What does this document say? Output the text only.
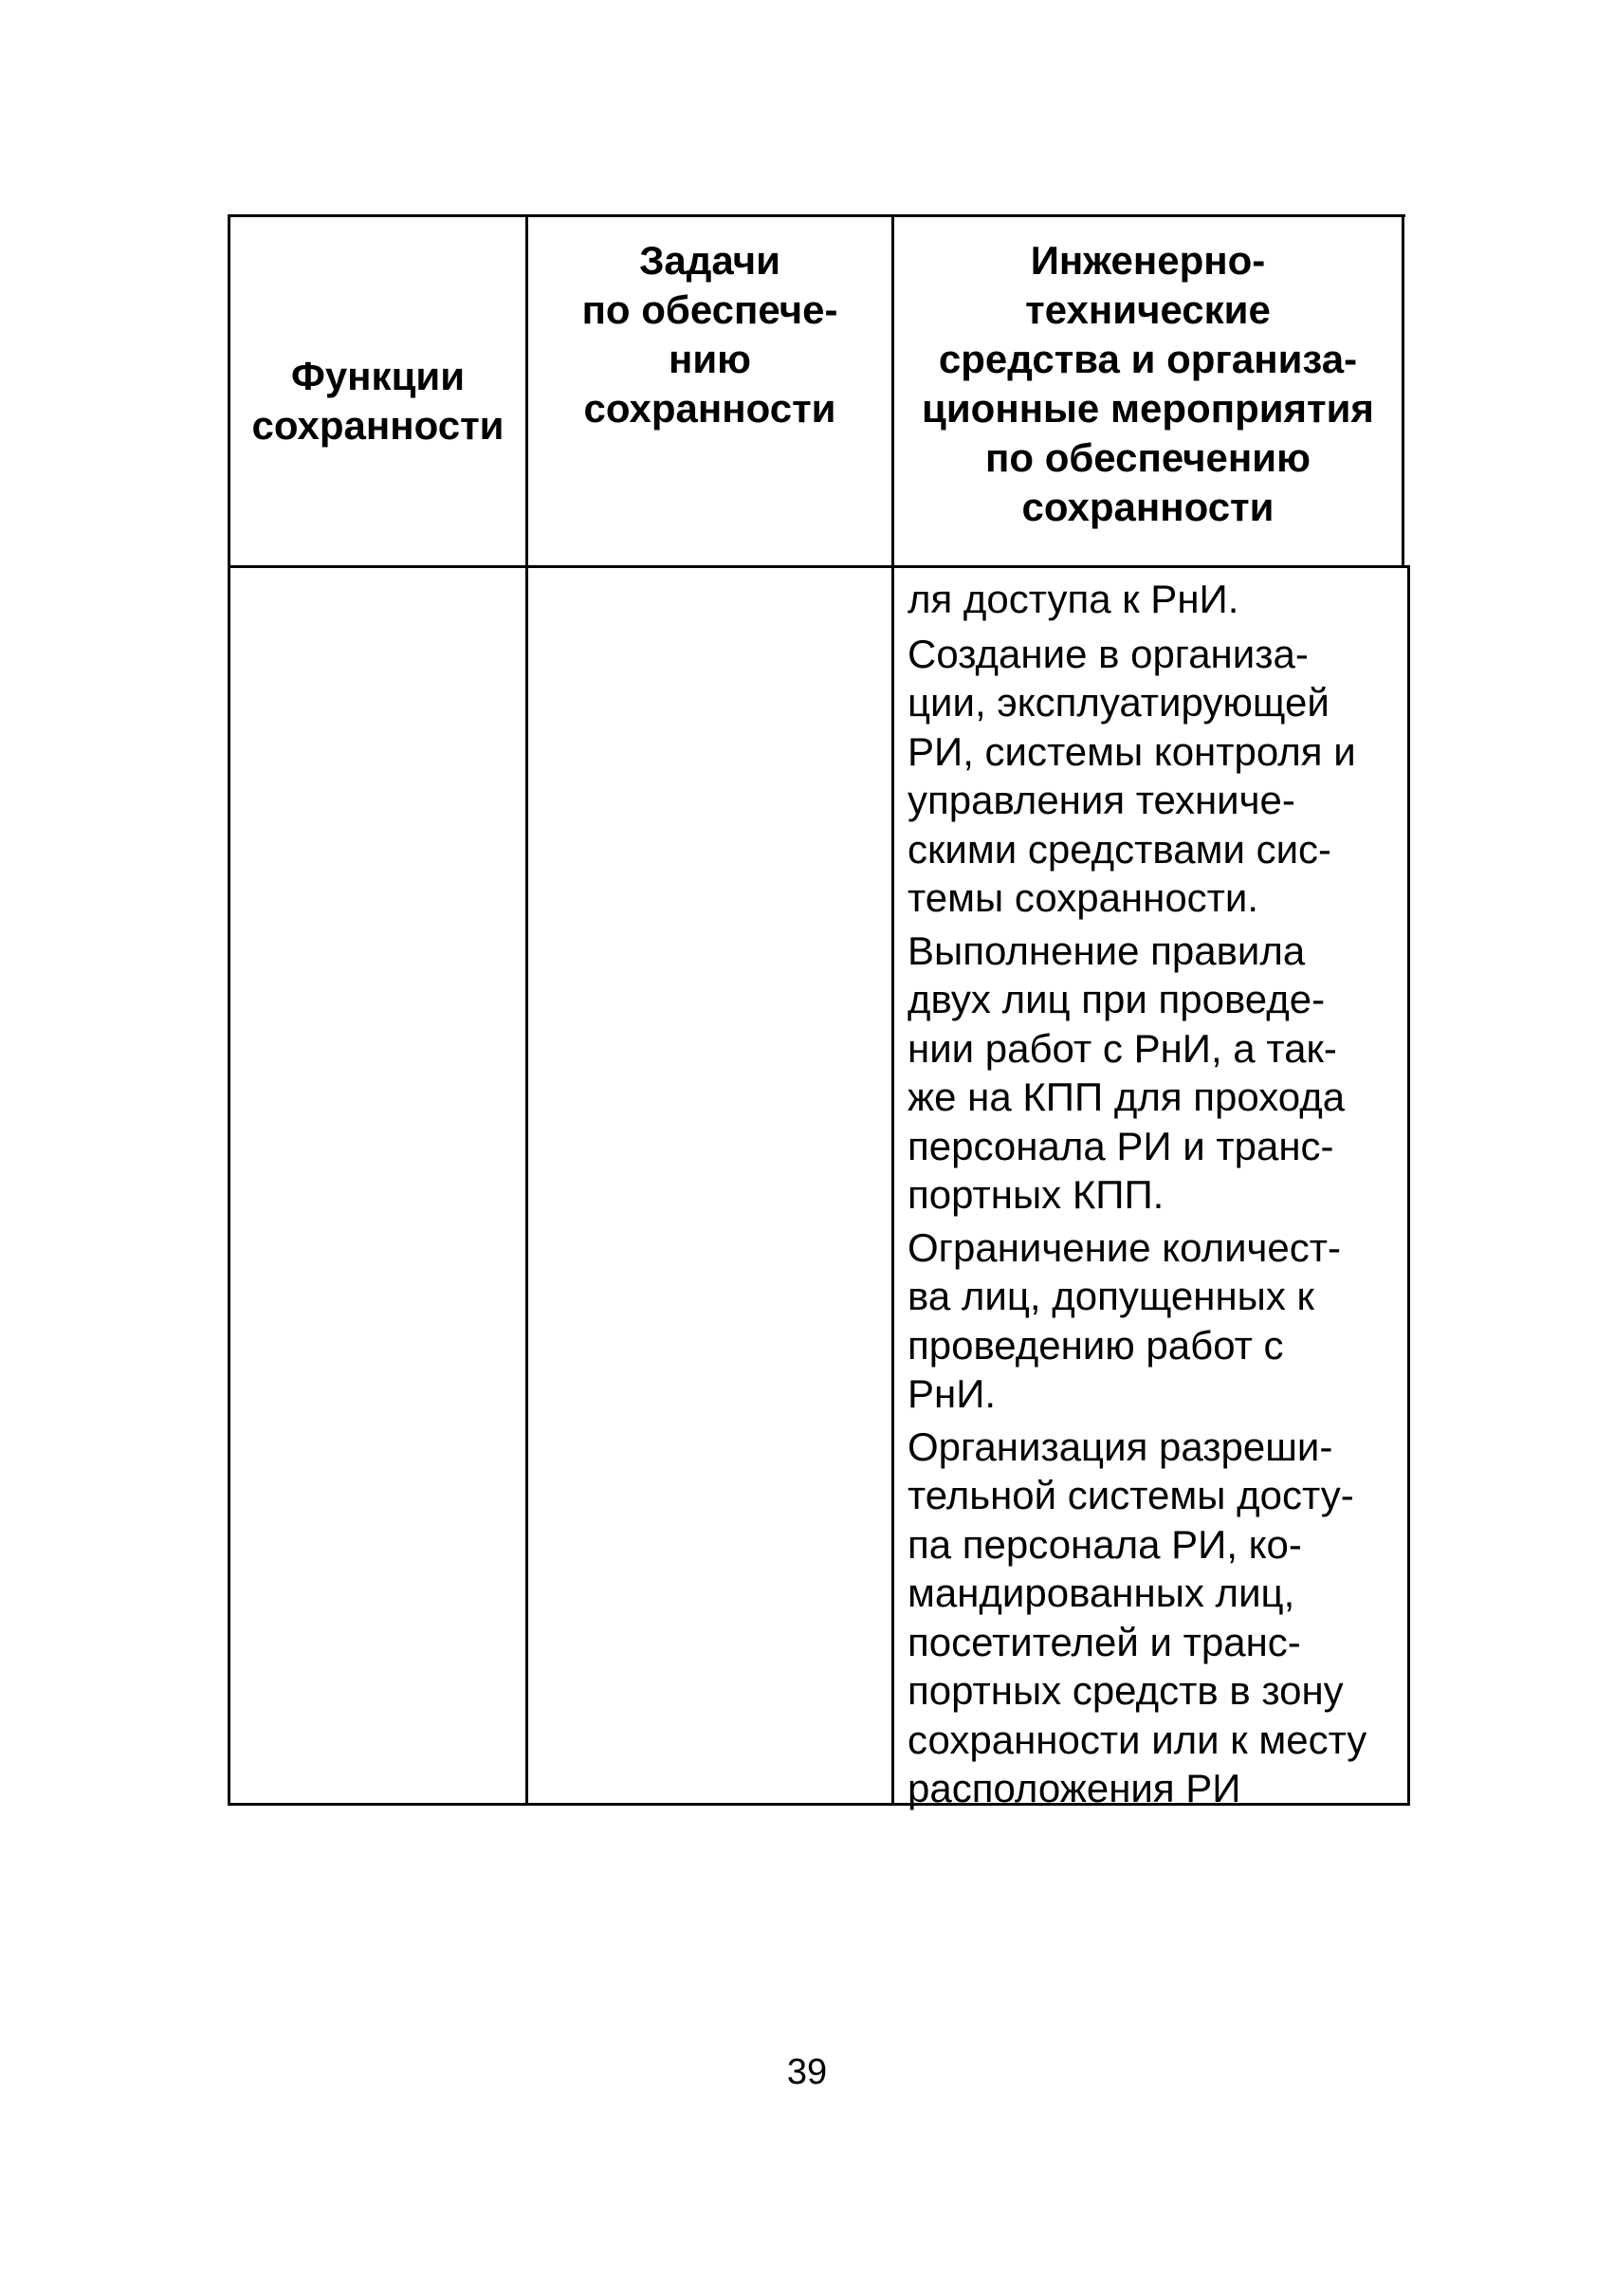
Функции
сохранности
Задачи
по обеспече-
нию
сохранности
Инженерно-
технические
средства и организа-
ционные мероприятия
по обеспечению
сохранности

ля доступа к РнИ.

Создание в организа-
ции, эксплуатирующей
РИ, системы контроля и
управления техниче-
скими средствами сис-
темы сохранности.

Выполнение правила
двух лиц при проведе-
нии работ с РнИ, а так-
же на КПП для прохода
персонала РИ и транс-
портных КПП.

Ограничение количест-
ва лиц, допущенных к
проведению работ с
РнИ.

Организация разреши-
тельной системы досту-
па персонала РИ, ко-
мандированных лиц,
посетителей и транс-
портных средств в зону
сохранности или к месту
расположения РИ

39
